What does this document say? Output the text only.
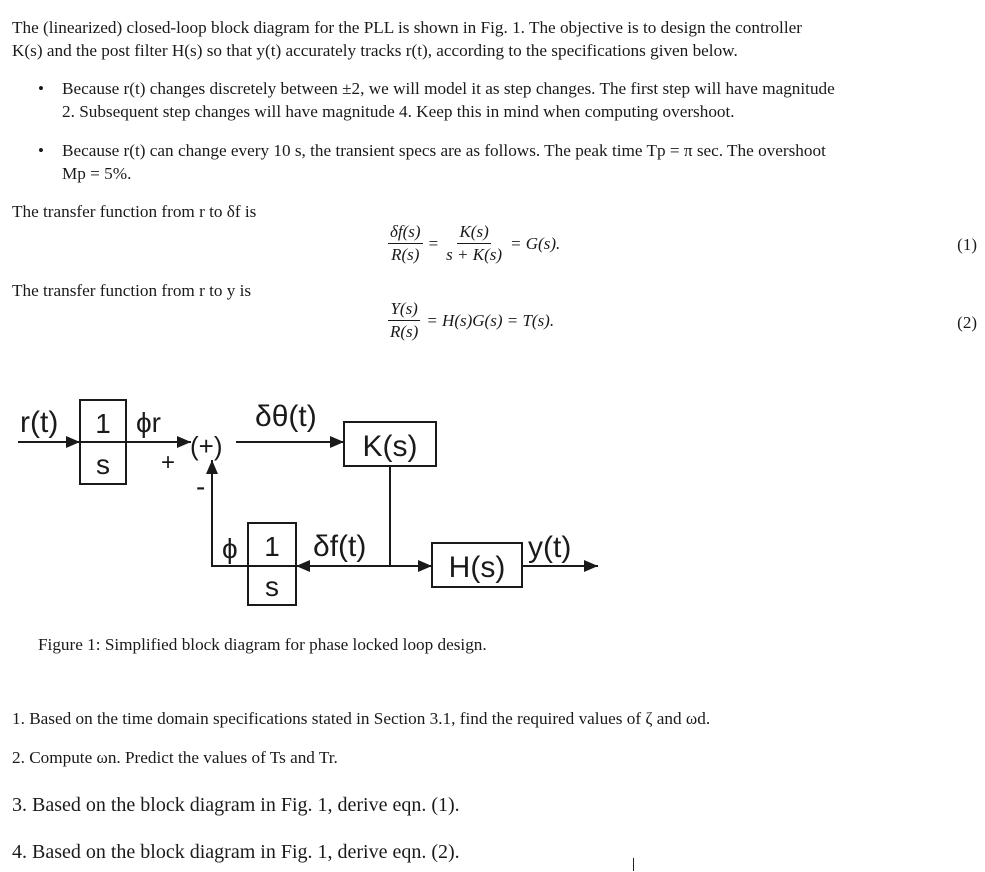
The (linearized) closed-loop block diagram for the PLL is shown in Fig. 1. The objective is to design the controller
K(s) and the post filter H(s) so that y(t) accurately tracks r(t), according to the specifications given below.
• Because r(t) changes discretely between ±2, we will model it as step changes. The first step will have magnitude
2. Subsequent step changes will have magnitude 4. Keep this in mind when computing overshoot.
• Because r(t) can change every 10 s, the transient specs are as follows. The peak time Tp = π sec. The overshoot
Mp = 5%.
The transfer function from r to δf is
$\frac{\delta f(s)}{R(s)} = \frac{K(s)}{s + K(s)} = G(s)$.	(1)
The transfer function from r to y is
$\frac{Y(s)}{R(s)} = H(s)G(s) = T(s)$.	(2)
r(t) 1
s
ϕr
+
(+)
-
δθ(t)
K(s)
H(s)
y(t)
δf(t)
1
s
ϕ
Figure 1: Simplified block diagram for phase locked loop design.
1. Based on the time domain specifications stated in Section 3.1, find the required values of ζ and ωd.
2. Compute ωn. Predict the values of Ts and Tr.
3. Based on the block diagram in Fig. 1, derive eqn. (1).
4. Based on the block diagram in Fig. 1, derive eqn. (2).
